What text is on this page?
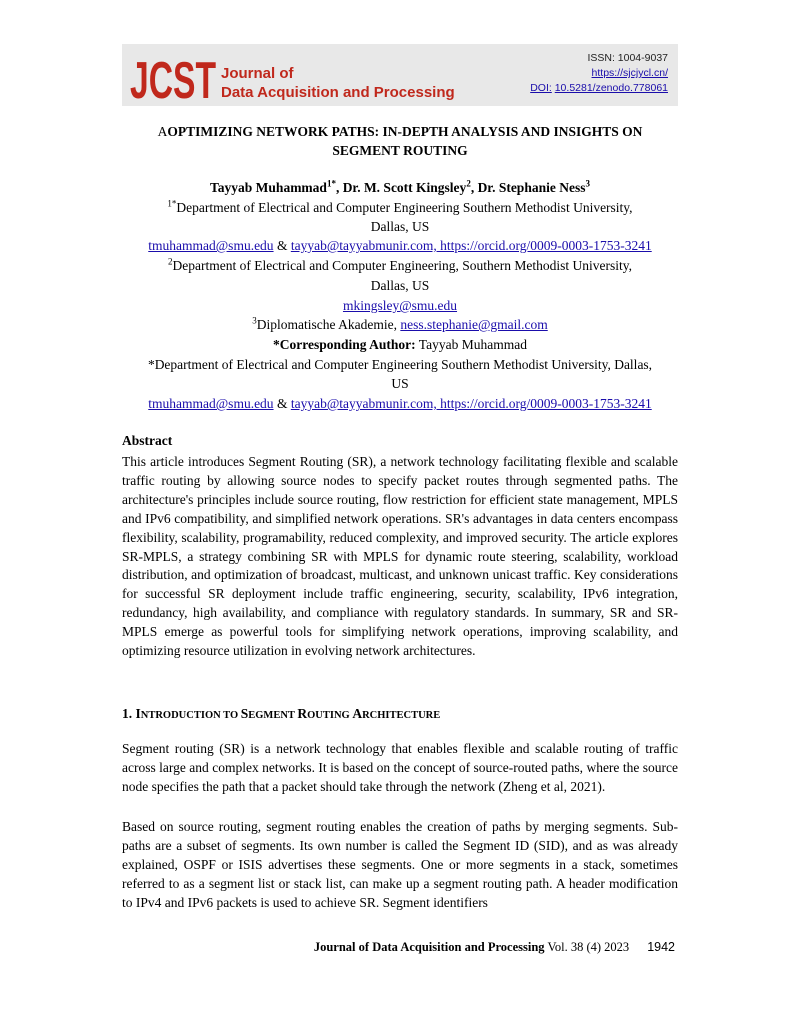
JCST Journal of
Data Acquisition and Processing
ISSN: 1004-9037
https://sjcjycl.cn/
DOI: 10.5281/zenodo.778061
AOPTIMIZING NETWORK PATHS: IN-DEPTH ANALYSIS AND INSIGHTS ON
SEGMENT ROUTING
Tayyab Muhammad$^{1*}$, Dr. M. Scott Kingsley$^2$, Dr. Stephanie Ness$^3$
$^{1*}$Department of Electrical and Computer Engineering Southern Methodist University,
Dallas, US
tmuhammad@smu.edu & tayyab@tayyabmunir.com, https://orcid.org/0009-0003-1753-3241
$^2$Department of Electrical and Computer Engineering, Southern Methodist University,
Dallas, US
mkingsley@smu.edu
$^3$Diplomatische Akademie, ness.stephanie@gmail.com
*Corresponding Author: Tayyab Muhammad
*Department of Electrical and Computer Engineering Southern Methodist University, Dallas,
US
tmuhammad@smu.edu & tayyab@tayyabmunir.com, https://orcid.org/0009-0003-1753-3241
Abstract
This article introduces Segment Routing (SR), a network technology facilitating flexible and scalable traffic routing by allowing source nodes to specify packet routes through segmented paths. The architecture's principles include source routing, flow restriction for efficient state management, MPLS and IPv6 compatibility, and simplified network operations. SR's advantages in data centers encompass flexibility, scalability, programability, reduced complexity, and improved security. The article explores SR-MPLS, a strategy combining SR with MPLS for dynamic route steering, scalability, workload distribution, and optimization of broadcast, multicast, and unknown unicast traffic. Key considerations for successful SR deployment include traffic engineering, security, scalability, IPv6 integration, redundancy, high availability, and compliance with regulatory standards. In summary, SR and SR-MPLS emerge as powerful tools for simplifying network operations, improving scalability, and optimizing resource utilization in evolving network architectures.
1. INTRODUCTION TO SEGMENT ROUTING ARCHITECTURE
Segment routing (SR) is a network technology that enables flexible and scalable routing of traffic across large and complex networks. It is based on the concept of source-routed paths, where the source node specifies the path that a packet should take through the network (Zheng et al, 2021).
Based on source routing, segment routing enables the creation of paths by merging segments. Sub-paths are a subset of segments. Its own number is called the Segment ID (SID), and as was already explained, OSPF or ISIS advertises these segments. One or more segments in a stack, sometimes referred to as a segment list or stack list, can make up a segment routing path. A header modification to IPv4 and IPv6 packets is used to achieve SR. Segment identifiers
Journal of Data Acquisition and Processing Vol. 38 (4) 2023 1942
